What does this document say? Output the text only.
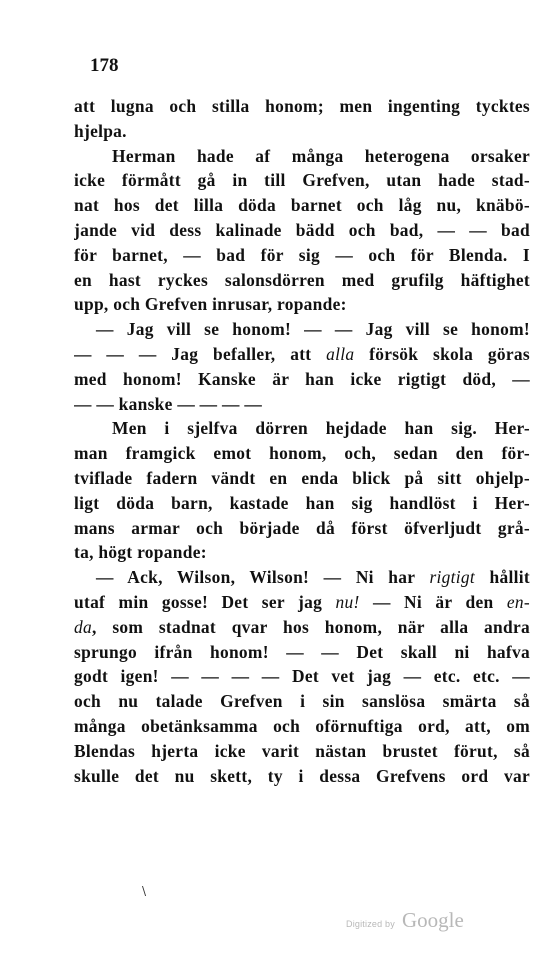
178
att lugna och stilla honom; men ingenting tycktes
hjelpa.
Herman hade af många heterogena orsaker
icke förmått gå in till Grefven, utan hade stad-
nat hos det lilla döda barnet och låg nu, knäbö-
jande vid dess kalinade bädd och bad, — — bad
för barnet, — bad för sig — och för Blenda. I
en hast ryckes salonsdörren med grufilg häftighet
upp, och Grefven inrusar, ropande:
— Jag vill se honom! — — Jag vill se honom!
— — — Jag befaller, att alla försök skola göras
med honom! Kanske är han icke rigtigt död, —
— — kanske — — — —
Men i sjelfva dörren hejdade han sig. Her-
man framgick emot honom, och, sedan den för-
tviflade fadern vändt en enda blick på sitt ohjelp-
ligt döda barn, kastade han sig handlöst i Her-
mans armar och började då först öfverljudt grå-
ta, högt ropande:
— Ack, Wilson, Wilson! — Ni har rigtigt hållit
utaf min gosse! Det ser jag nu! — Ni är den en-
da, som stadnat qvar hos honom, när alla andra
sprungo ifrån honom! — — Det skall ni hafva
godt igen! — — — — Det vet jag — etc. etc. —
och nu talade Grefven i sin sanslösa smärta så
många obetänksamma och oförnuftiga ord, att, om
Blendas hjerta icke varit nästan brustet förut, så
skulle det nu skett, ty i dessa Grefvens ord var
\
Digitized by Google
